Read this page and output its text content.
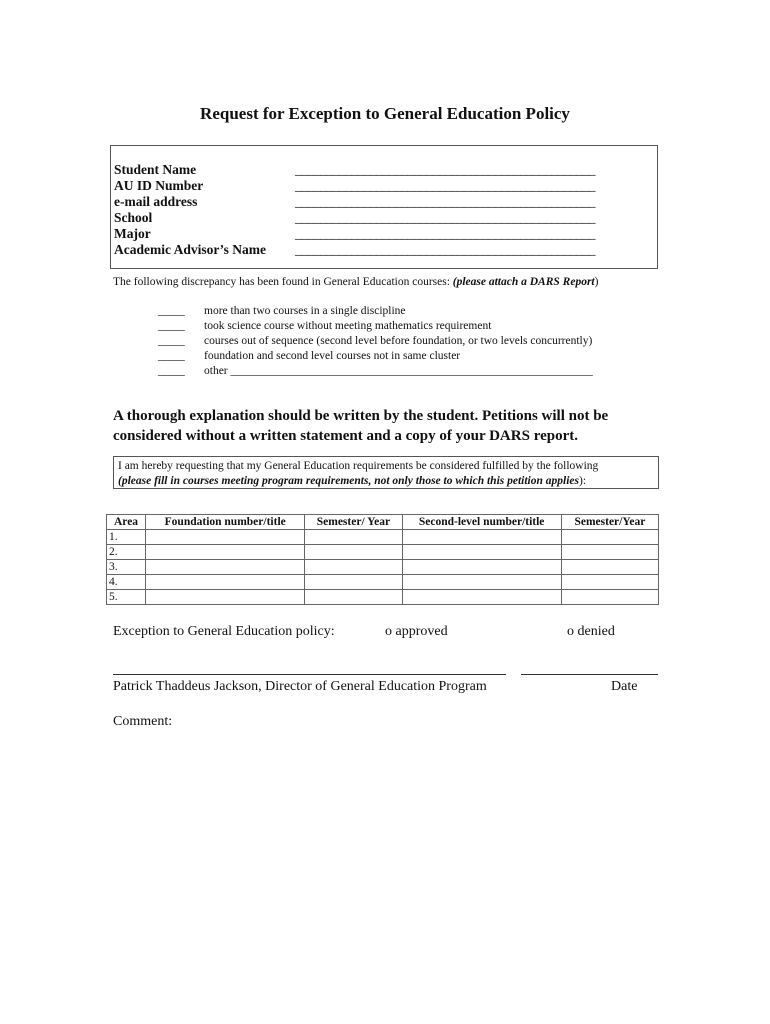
Request for Exception to General Education Policy
Student Name	________________________________________________
AU ID Number	________________________________________________
e-mail address	________________________________________________
School	________________________________________________
Major	________________________________________________
Academic Advisor’s Name ________________________________________________
The following discrepancy has been found in General Education courses: (please attach a DARS Report)
_____ more than two courses in a single discipline
_____ took science course without meeting mathematics requirement
_____ courses out of sequence (second level before foundation, or two levels concurrently)
_____ foundation and second level courses not in same cluster
_____ other _______________________________________________________________
A thorough explanation should be written by the student. Petitions will not be considered without a written statement and a copy of your DARS report.
I am hereby requesting that my General Education requirements be considered fulfilled by the following
(please fill in courses meeting program requirements, not only those to which this petition applies):
Area	Foundation number/title	Semester/ Year	Second-level number/title	Semester/Year
1.				
2.				
3.				
4.				
5.				
Exception to General Education policy:	o approved	o denied
Patrick Thaddeus Jackson, Director of General Education Program	Date
Comment:
